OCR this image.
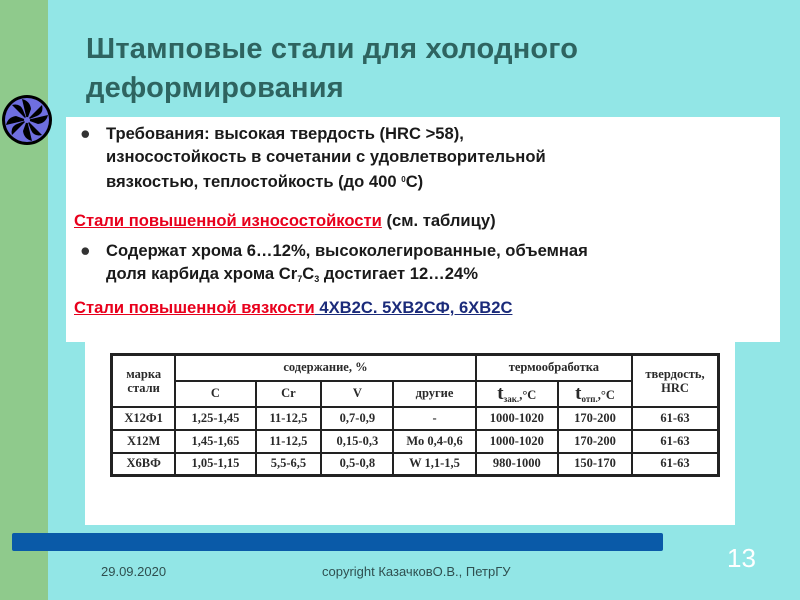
Штамповые стали для холодного
деформирования
● Требования: высокая твердость (HRC >58),
износостойкость в сочетании с удовлетворительной
вязкостью, теплостойкость (до 400 $^0$С)
Стали повышенной износостойкости (см. таблицу)
● Содержат хрома 6…12%, высоколегированные, объемная
доля карбида хрома $Cr_7C_3$ достигает 12…24%
Стали повышенной вязкости 4ХВ2С. 5ХВ2СФ, 6ХВ2С
марка стали	содержание, %				термообработка		твердость, HRC
	C	Cr	V	другие	$t_{зак.},^\circ C$	$t_{отп.},^\circ C$	
Х12Ф1	1,25-1,45	11-12,5	0,7-0,9	-	1000-1020	170-200	61-63
Х12М	1,45-1,65	11-12,5	0,15-0,3	Мо 0,4-0,6	1000-1020	170-200	61-63
Х6ВФ	1,05-1,15	5,5-6,5	0,5-0,8	W 1,1-1,5	980-1000	150-170	61-63
29.09.2020	copyright КазачковО.В., ПетрГУ	13
